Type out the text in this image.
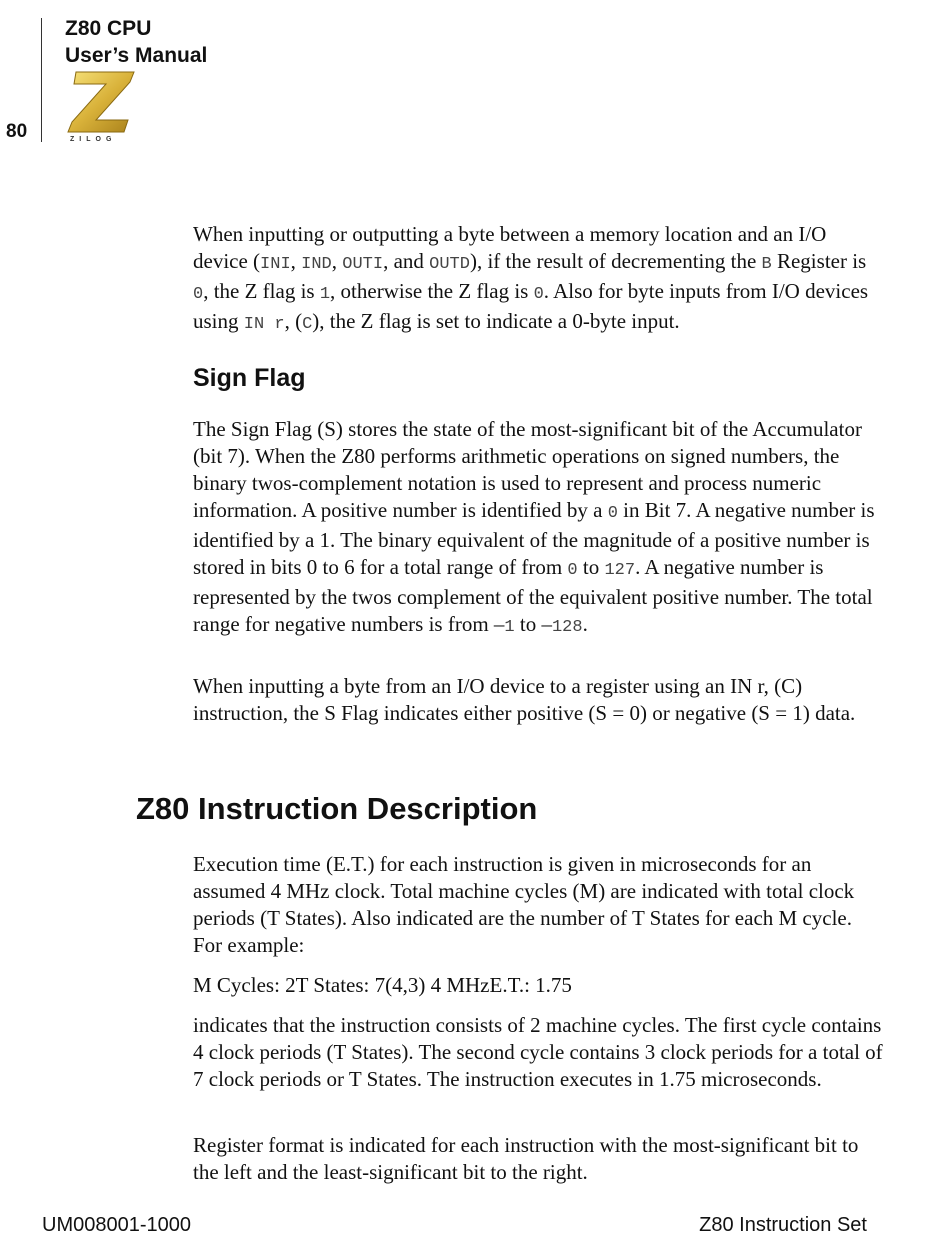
80
Z80 CPU
User’s Manual
ZILOG

When inputting or outputting a byte between a memory location and an I/O device (INI, IND, OUTI, and OUTD), if the result of decrementing the B Register is 0, the Z flag is 1, otherwise the Z flag is 0. Also for byte inputs from I/O devices using IN r, (C), the Z flag is set to indicate a 0-byte input.

Sign Flag

The Sign Flag (S) stores the state of the most-significant bit of the Accumulator (bit 7). When the Z80 performs arithmetic operations on signed numbers, the binary twos-complement notation is used to represent and process numeric information. A positive number is identified by a 0 in Bit 7. A negative number is identified by a 1. The binary equivalent of the magnitude of a positive number is stored in bits 0 to 6 for a total range of from 0 to 127. A negative number is represented by the twos complement of the equivalent positive number. The total range for negative numbers is from –1 to –128.

When inputting a byte from an I/O device to a register using an IN r, (C) instruction, the S Flag indicates either positive (S = 0) or negative (S = 1) data.
Z80 Instruction Description
Execution time (E.T.) for each instruction is given in microseconds for an assumed 4 MHz clock. Total machine cycles (M) are indicated with total clock periods (T States). Also indicated are the number of T States for each M cycle. For example:
M Cycles: 2T States: 7(4,3) 4 MHzE.T.: 1.75
indicates that the instruction consists of 2 machine cycles. The first cycle contains 4 clock periods (T States). The second cycle contains 3 clock periods for a total of 7 clock periods or T States. The instruction executes in 1.75 microseconds.
Register format is indicated for each instruction with the most-significant bit to the left and the least-significant bit to the right.
UM008001-1000	Z80 Instruction Set
